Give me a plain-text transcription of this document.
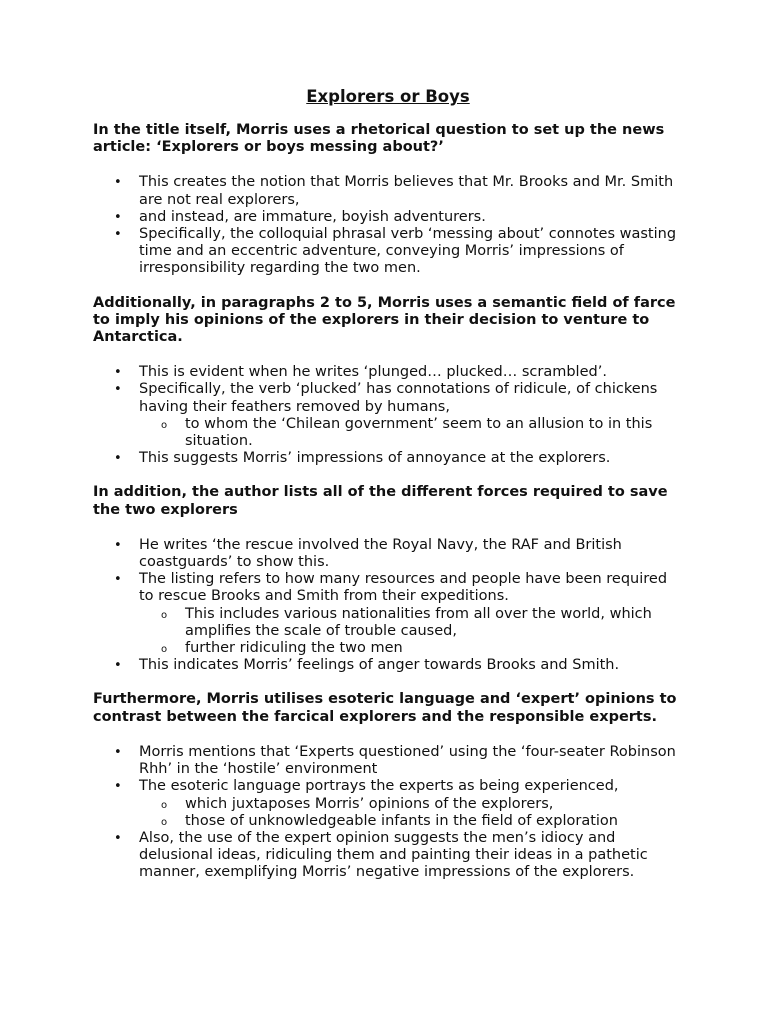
Explorers or Boys
In the title itself, Morris uses a rhetorical question to set up the news article: ‘Explorers or boys messing about?’
• This creates the notion that Morris believes that Mr. Brooks and Mr. Smith are not real explorers,
• and instead, are immature, boyish adventurers.
• Specifically, the colloquial phrasal verb ‘messing about’ connotes wasting time and an eccentric adventure, conveying Morris’ impressions of irresponsibility regarding the two men.
Additionally, in paragraphs 2 to 5, Morris uses a semantic field of farce to imply his opinions of the explorers in their decision to venture to Antarctica.
• This is evident when he writes ‘plunged… plucked… scrambled’.
• Specifically, the verb ‘plucked’ has connotations of ridicule, of chickens having their feathers removed by humans,
o to whom the ‘Chilean government’ seem to an allusion to in this situation.
• This suggests Morris’ impressions of annoyance at the explorers.
In addition, the author lists all of the different forces required to save the two explorers
• He writes ‘the rescue involved the Royal Navy, the RAF and British coastguards’ to show this.
• The listing refers to how many resources and people have been required to rescue Brooks and Smith from their expeditions.
o This includes various nationalities from all over the world, which amplifies the scale of trouble caused,
o further ridiculing the two men
• This indicates Morris’ feelings of anger towards Brooks and Smith.
Furthermore, Morris utilises esoteric language and ‘expert’ opinions to contrast between the farcical explorers and the responsible experts.
• Morris mentions that ‘Experts questioned’ using the ‘four-seater Robinson Rhh’ in the ‘hostile’ environment
• The esoteric language portrays the experts as being experienced,
o which juxtaposes Morris’ opinions of the explorers,
o those of unknowledgeable infants in the field of exploration
• Also, the use of the expert opinion suggests the men’s idiocy and delusional ideas, ridiculing them and painting their ideas in a pathetic manner, exemplifying Morris’ negative impressions of the explorers.
